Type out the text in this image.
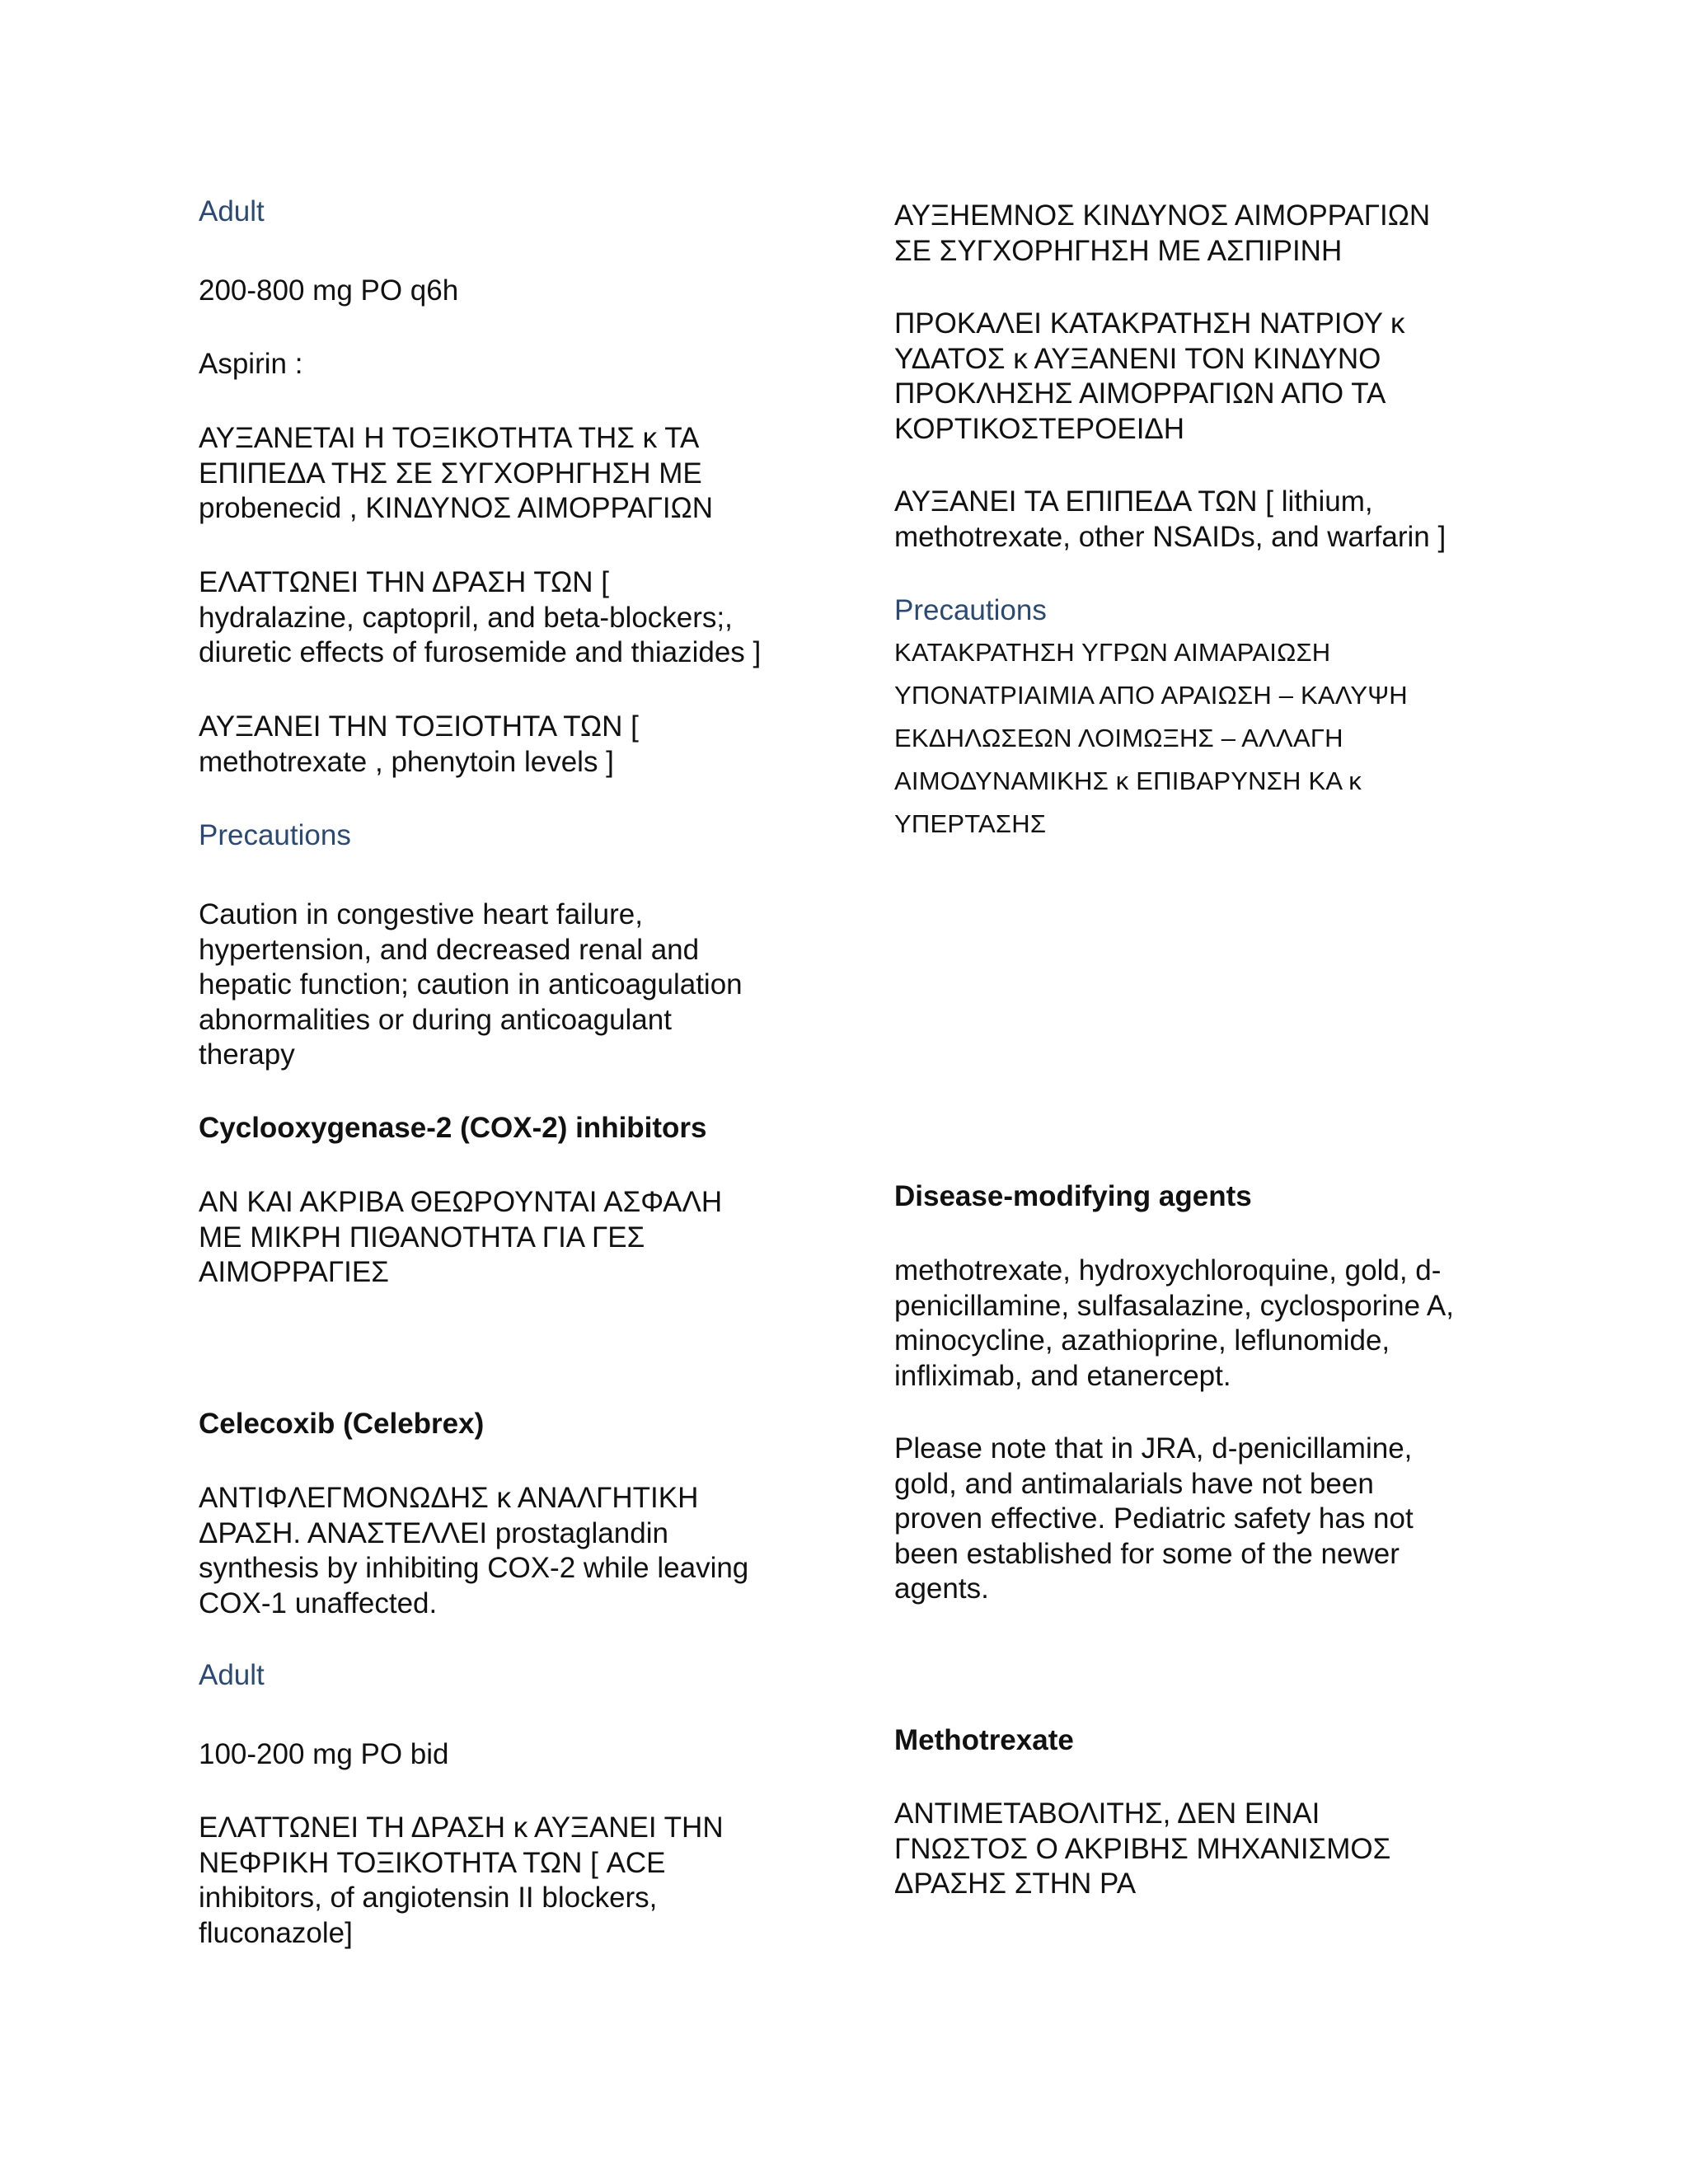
Adult

200-800 mg PO q6h

Aspirin :

ΑΥΞΑΝΕΤΑΙ Η ΤΟΞΙΚΟΤΗΤΑ ΤΗΣ κ ΤΑ
ΕΠΙΠΕΔΑ ΤΗΣ ΣΕ ΣΥΓΧΟΡΗΓΗΣΗ ΜΕ
probenecid , ΚΙΝΔΥΝΟΣ ΑΙΜΟΡΡΑΓΙΩΝ

ΕΛΑΤΤΩΝΕΙ ΤΗΝ ΔΡΑΣΗ ΤΩΝ [
hydralazine, captopril, and beta-blockers;,
diuretic effects of furosemide and thiazides ]

ΑΥΞΑΝΕΙ ΤΗΝ ΤΟΞΙΟΤΗΤΑ ΤΩΝ [
methotrexate , phenytoin levels ]

Precautions

Caution in congestive heart failure,
hypertension, and decreased renal and
hepatic function; caution in anticoagulation
abnormalities or during anticoagulant
therapy

Cyclooxygenase-2 (COX-2) inhibitors

ΑΝ ΚΑΙ ΑΚΡΙΒΑ ΘΕΩΡΟΥΝΤΑΙ ΑΣΦΑΛΗ
ΜΕ ΜΙΚΡΗ ΠΙΘΑΝΟΤΗΤΑ ΓΙΑ ΓΕΣ
ΑΙΜΟΡΡΑΓΙΕΣ

Celecoxib (Celebrex)

ΑΝΤΙΦΛΕΓΜΟΝΩΔΗΣ κ ΑΝΑΛΓΗΤΙΚΗ
ΔΡΑΣΗ. ΑΝΑΣΤΕΛΛΕΙ prostaglandin
synthesis by inhibiting COX-2 while leaving
COX-1 unaffected.

Adult

100-200 mg PO bid

ΕΛΑΤΤΩΝΕΙ ΤΗ ΔΡΑΣΗ κ ΑΥΞΑΝΕΙ ΤΗΝ
ΝΕΦΡΙΚΗ ΤΟΞΙΚΟΤΗΤΑ ΤΩΝ [ ACE
inhibitors, of angiotensin II blockers,
fluconazole]

ΑΥΞΗΕΜΝΟΣ ΚΙΝΔΥΝΟΣ ΑΙΜΟΡΡΑΓΙΩΝ
ΣΕ ΣΥΓΧΟΡΗΓΗΣΗ ΜΕ ΑΣΠΙΡΙΝΗ

ΠΡΟΚΑΛΕΙ ΚΑΤΑΚΡΑΤΗΣΗ ΝΑΤΡΙΟΥ κ
ΥΔΑΤΟΣ κ ΑΥΞΑΝΕΝΙ ΤΟΝ ΚΙΝΔΥΝΟ
ΠΡΟΚΛΗΣΗΣ ΑΙΜΟΡΡΑΓΙΩΝ ΑΠΟ ΤΑ
ΚΟΡΤΙΚΟΣΤΕΡΟΕΙΔΗ

ΑΥΞΑΝΕΙ ΤΑ ΕΠΙΠΕΔΑ ΤΩΝ [ lithium,
methotrexate, other NSAIDs, and warfarin ]

Precautions

ΚΑΤΑΚΡΑΤΗΣΗ ΥΓΡΩΝ ΑΙΜΑΡΑΙΩΣΗ
ΥΠΟΝΑΤΡΙΑΙΜΙΑ ΑΠΟ ΑΡΑΙΩΣΗ – ΚΑΛΥΨΗ
ΕΚΔΗΛΩΣΕΩΝ ΛΟΙΜΩΞΗΣ – ΑΛΛΑΓΗ
ΑΙΜΟΔΥΝΑΜΙΚΗΣ κ ΕΠΙΒΑΡΥΝΣΗ ΚΑ κ
ΥΠΕΡΤΑΣΗΣ

Disease-modifying agents

methotrexate, hydroxychloroquine, gold, d-
penicillamine, sulfasalazine, cyclosporine A,
minocycline, azathioprine, leflunomide,
infliximab, and etanercept.

Please note that in JRA, d-penicillamine,
gold, and antimalarials have not been
proven effective. Pediatric safety has not
been established for some of the newer
agents.

Methotrexate

ΑΝΤΙΜΕΤΑΒΟΛΙΤΗΣ, ΔΕΝ ΕΙΝΑΙ
ΓΝΩΣΤΟΣ Ο ΑΚΡΙΒΗΣ ΜΗΧΑΝΙΣΜΟΣ
ΔΡΑΣΗΣ ΣΤΗΝ ΡΑ
